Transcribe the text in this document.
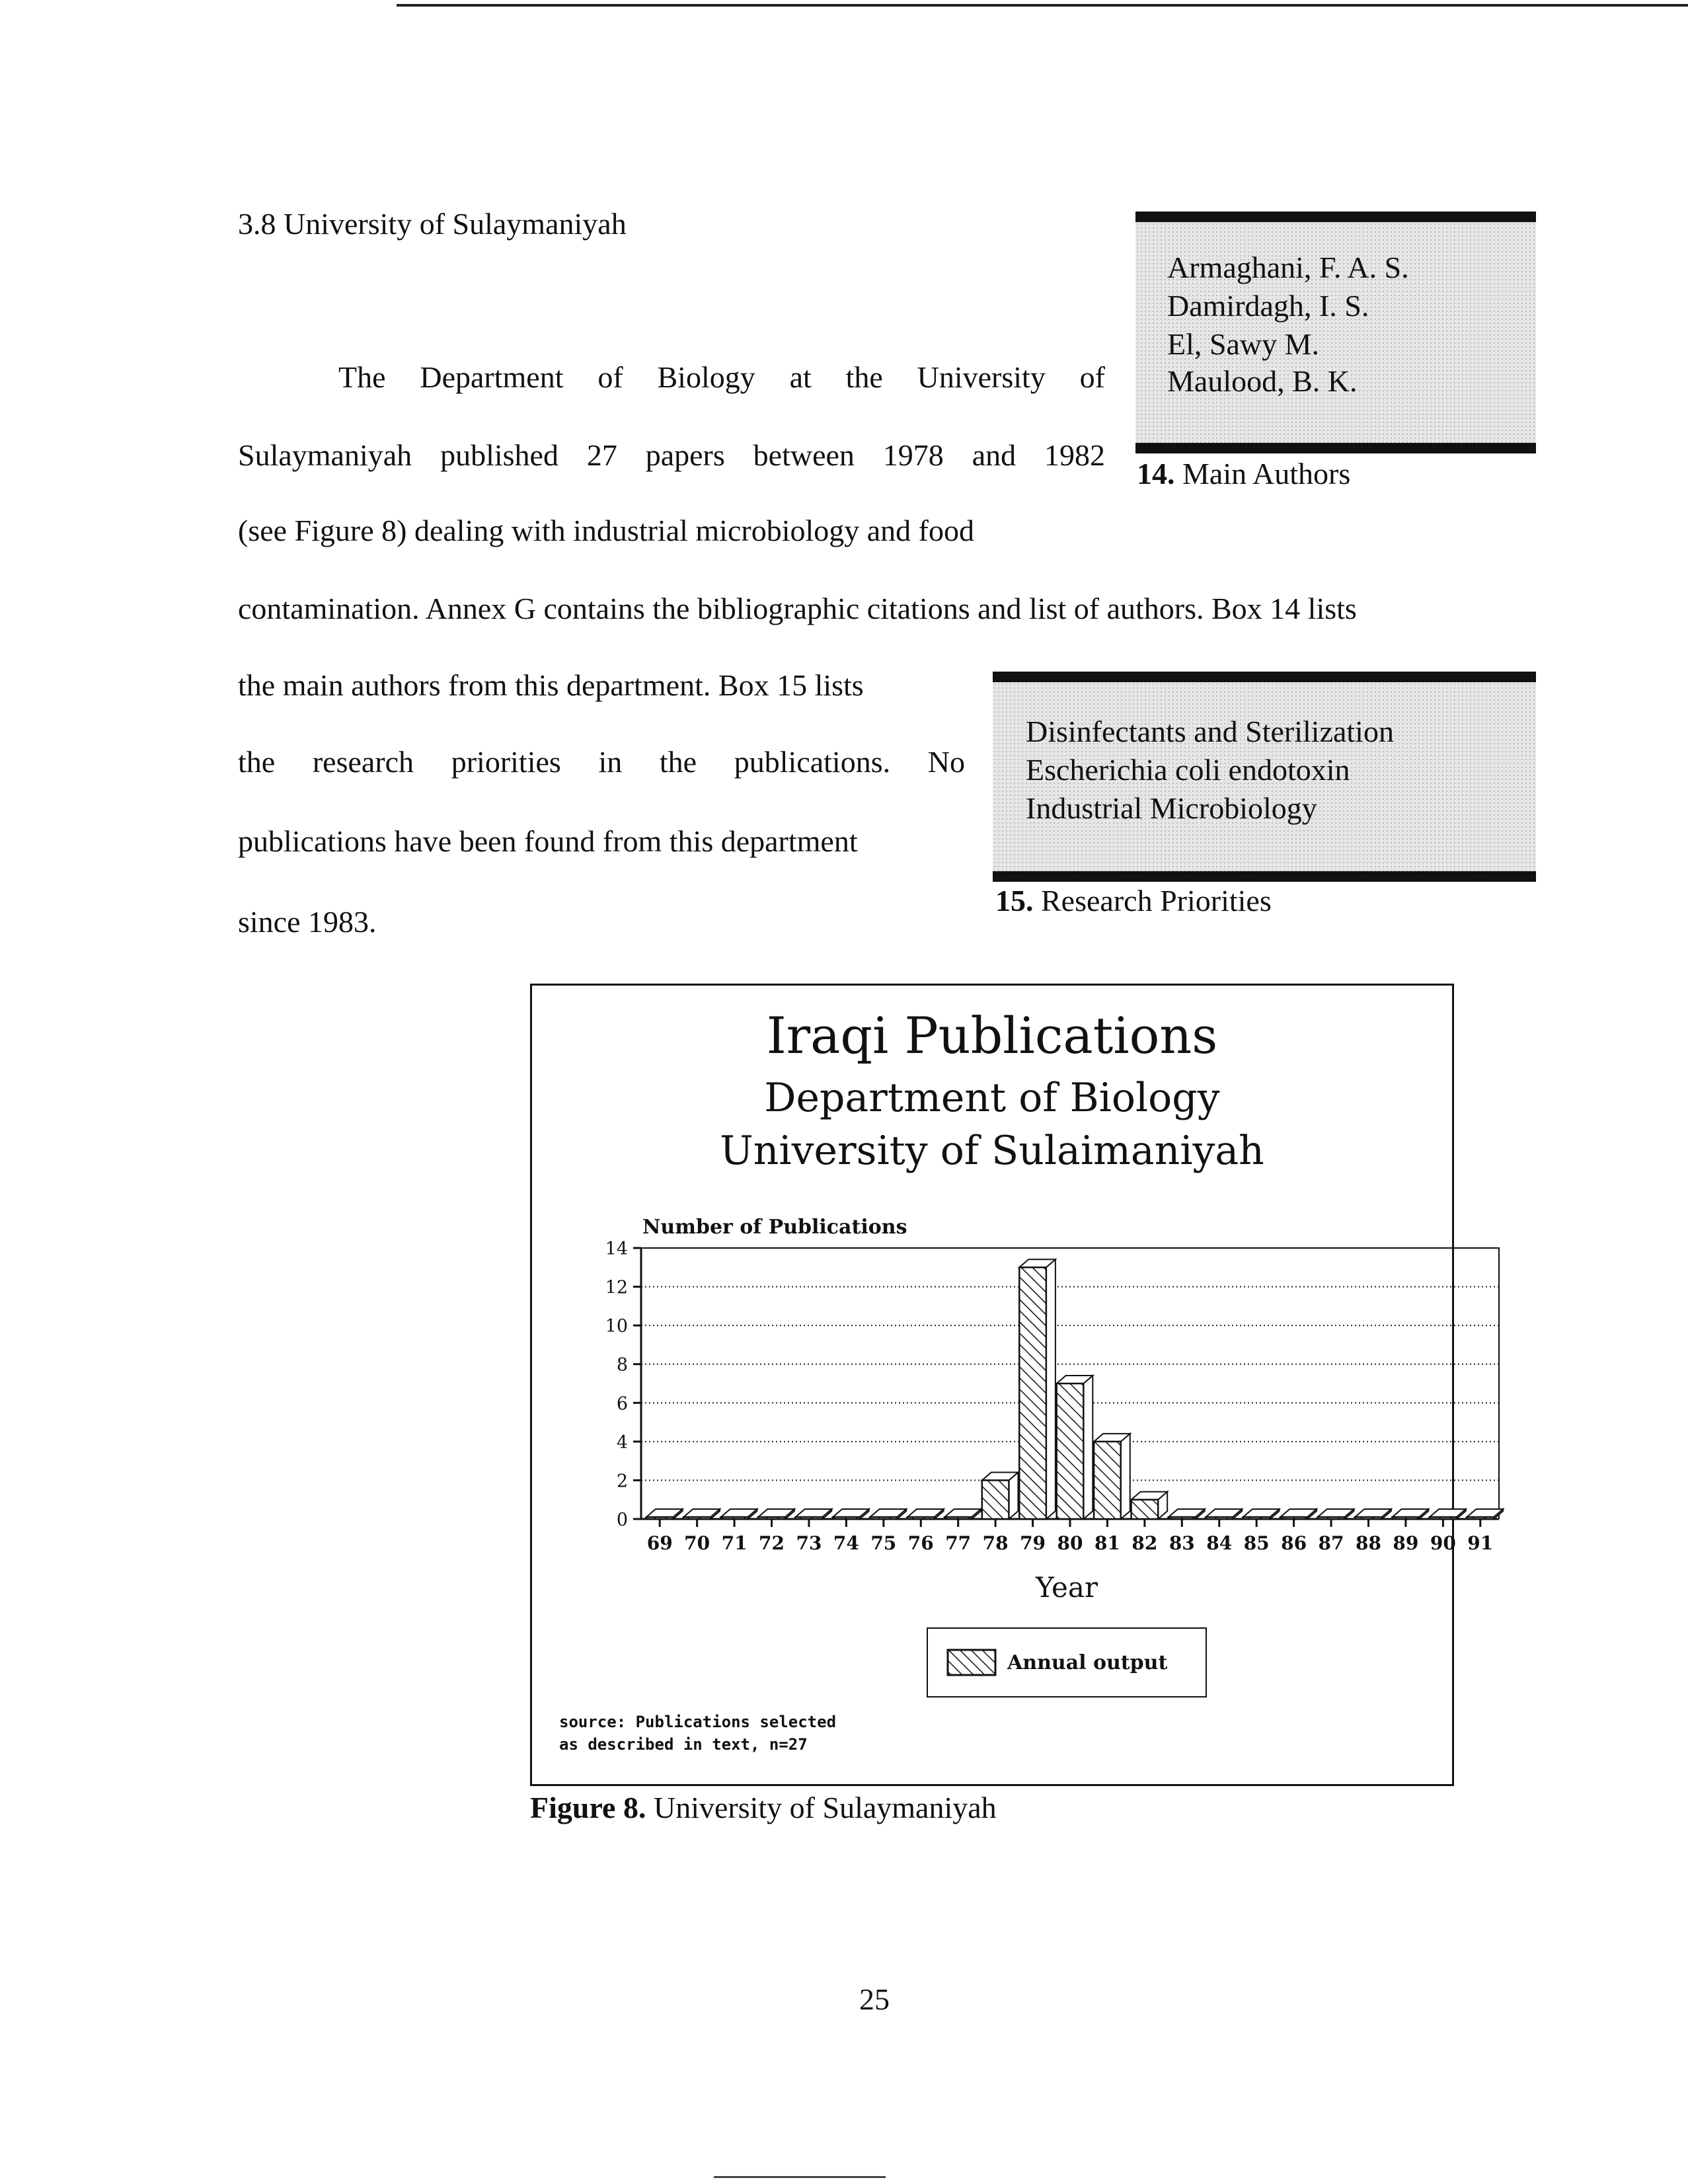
3.8 University of Sulaymaniyah
The Department of Biology at the University of
Sulaymaniyah published 27 papers between 1978 and 1982
(see Figure 8) dealing with industrial microbiology and food
contamination. Annex G contains the bibliographic citations and list of authors. Box 14 lists
the main authors from this department. Box 15 lists
the research priorities in the publications. No
publications have been found from this department
since 1983.
Armaghani, F. A. S.
Damirdagh, I. S.
El, Sawy M.
Maulood, B. K.
14. Main Authors
Disinfectants and Sterilization
Escherichia coli endotoxin
Industrial Microbiology
15. Research Priorities
Iraqi Publications
Department of Biology
University of Sulaimaniyah
0
2
4
6
8
10
12
14
Number of Publications
69 70 71 72 73 74 75 76 77 78 79 80 81 82 83 84 85 86 87 88 89 90 91
Year
Annual output
source: Publications selected
as described in text, n=27
Figure 8. University of Sulaymaniyah
25
